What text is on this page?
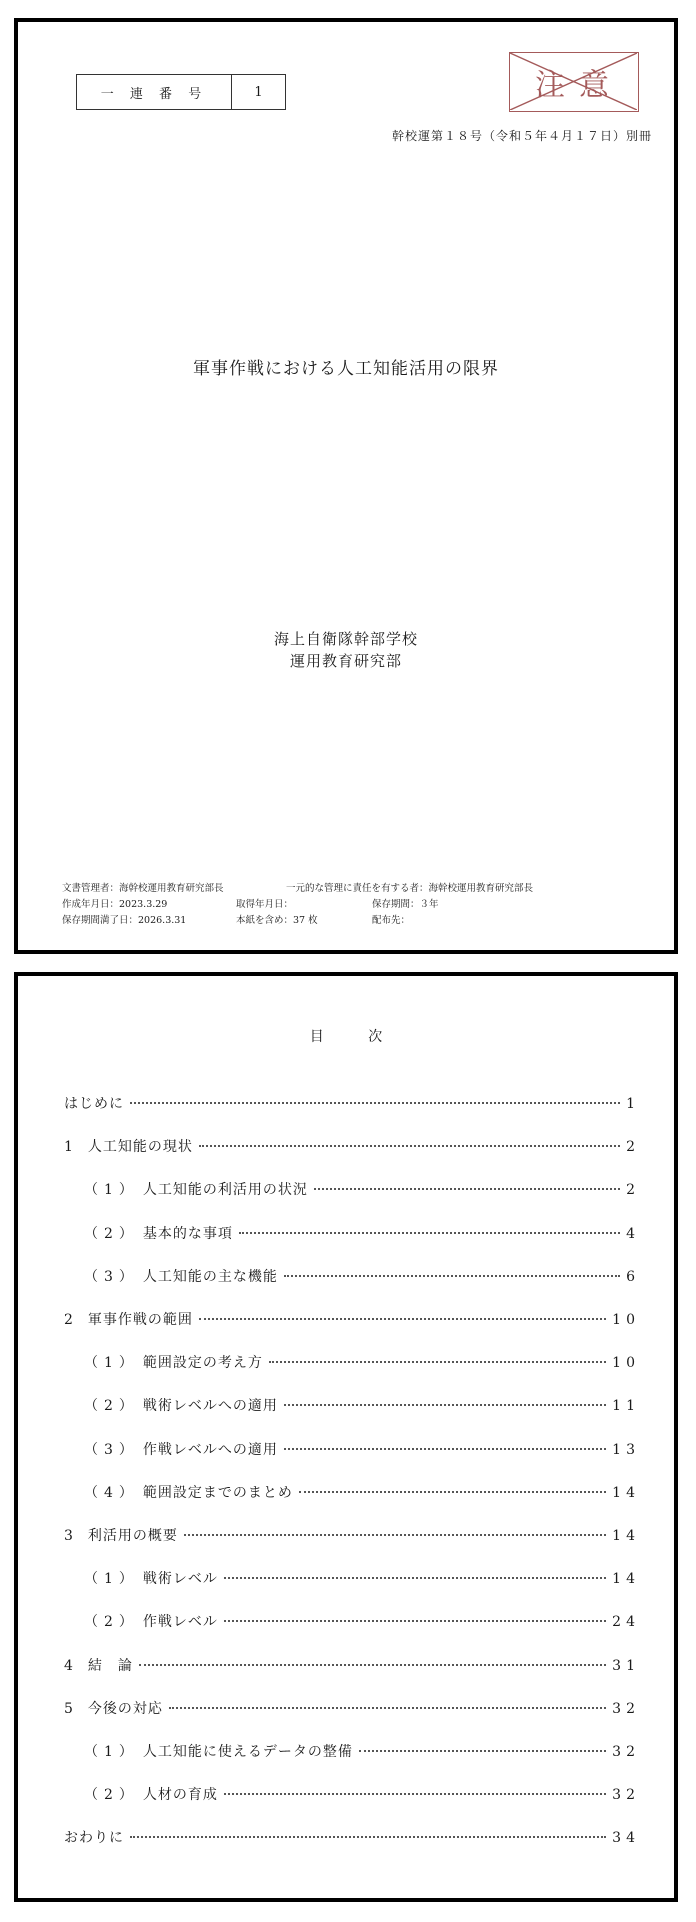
一 連 番 号	1	注意
幹校運第１８号（令和５年４月１７日）別冊
軍事作戦における人工知能活用の限界
海上自衛隊幹部学校
運用教育研究部
文書管理者：海幹校運用教育研究部長	一元的な管理に責任を有する者：海幹校運用教育研究部長
作成年月日：2023.3.29	取得年月日：	保存期間：３年
保存期間満了日：2026.3.31	本紙を含め：37 枚	配布先：
目 次
はじめに	1
1 人工知能の現状	2
（1） 人工知能の利活用の状況	2
（2） 基本的な事項	4
（3） 人工知能の主な機能	6
2 軍事作戦の範囲	10
（1） 範囲設定の考え方	10
（2） 戦術レベルへの適用	11
（3） 作戦レベルへの適用	13
（4） 範囲設定までのまとめ	14
3 利活用の概要	14
（1） 戦術レベル	14
（2） 作戦レベル	24
4 結　論	31
5 今後の対応	32
（1） 人工知能に使えるデータの整備	32
（2） 人材の育成	32
おわりに	34
